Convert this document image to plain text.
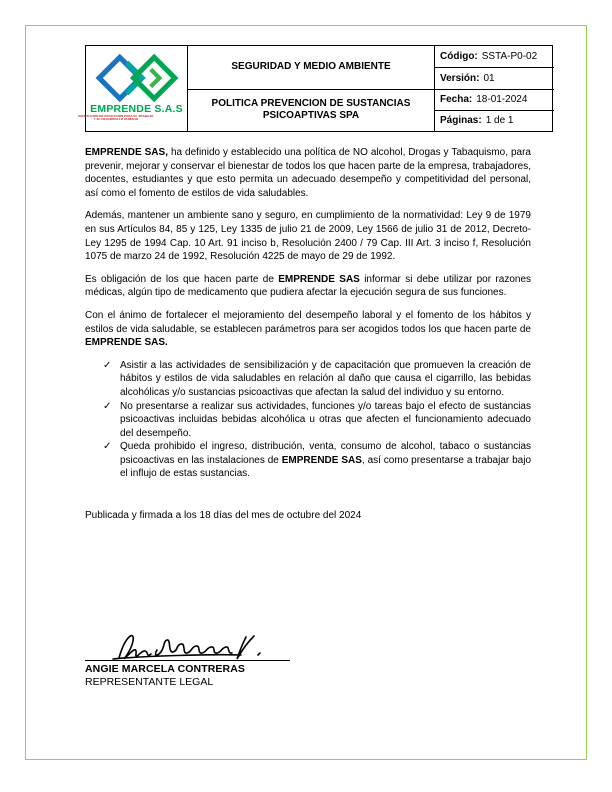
EMPRENDE S.A.S
INSTITUCIÓN DE EDUCACIÓN PARA EL TRABAJO
Y EL DESARROLLO HUMANO
SEGURIDAD Y MEDIO AMBIENTE
POLITICA PREVENCION DE SUSTANCIAS PSICOAPTIVAS SPA
Código: SSTA-P0-02
Versión: 01
Fecha: 18-01-2024
Páginas: 1 de 1

EMPRENDE SAS, ha definido y establecido una política de NO alcohol, Drogas y Tabaquismo, para prevenir, mejorar y conservar el bienestar de todos los que hacen parte de la empresa, trabajadores, docentes, estudiantes y que esto permita un adecuado desempeño y competitividad del personal, así como el fomento de estilos de vida saludables.

Además, mantener un ambiente sano y seguro, en cumplimiento de la normatividad: Ley 9 de 1979 en sus Artículos 84, 85 y 125, Ley 1335 de julio 21 de 2009, Ley 1566 de julio 31 de 2012, Decreto-Ley 1295 de 1994 Cap. 10 Art. 91 inciso b, Resolución 2400 / 79 Cap. III Art. 3 inciso f, Resolución 1075 de marzo 24 de 1992, Resolución 4225 de mayo de 29 de 1992.

Es obligación de los que hacen parte de EMPRENDE SAS informar si debe utilizar por razones médicas, algún tipo de medicamento que pudiera afectar la ejecución segura de sus funciones.

Con el ánimo de fortalecer el mejoramiento del desempeño laboral y el fomento de los hábitos y estilos de vida saludable, se establecen parámetros para ser acogidos todos los que hacen parte de EMPRENDE SAS.

✓ Asistir a las actividades de sensibilización y de capacitación que promueven la creación de hábitos y estilos de vida saludables en relación al daño que causa el cigarrillo, las bebidas alcohólicas y/o sustancias psicoactivas que afectan la salud del individuo y su entorno.
✓ No presentarse a realizar sus actividades, funciones y/o tareas bajo el efecto de sustancias psicoactivas incluidas bebidas alcohólica u otras que afecten el funcionamiento adecuado del desempeño.
✓ Queda prohibido el ingreso, distribución, venta, consumo de alcohol, tabaco o sustancias psicoactivas en las instalaciones de EMPRENDE SAS, así como presentarse a trabajar bajo el influjo de estas sustancias.

Publicada y firmada a los 18 días del mes de octubre del 2024

ANGIE MARCELA CONTRERAS
REPRESENTANTE LEGAL
